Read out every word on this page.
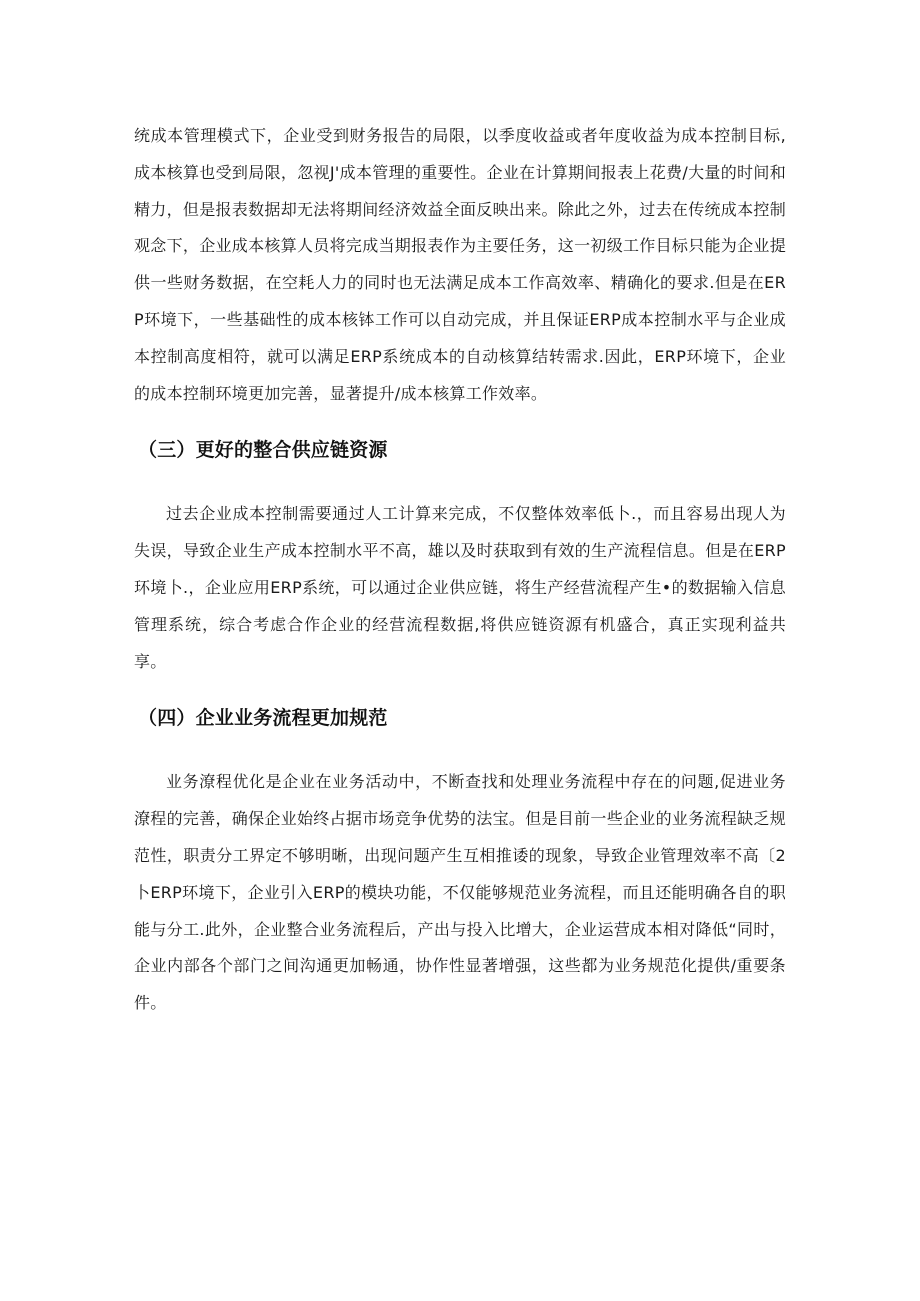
统成本管理模式下，企业受到财务报告的局限，以季度收益或者年度收益为成本控制目标,成本核算也受到局限，忽视J'成本管理的重要性。企业在计算期间报表上花费/大量的时间和精力，但是报表数据却无法将期间经济效益全面反映出来。除此之外，过去在传统成本控制观念下，企业成本核算人员将完成当期报表作为主要任务，这一初级工作目标只能为企业提供一些财务数据，在空耗人力的同时也无法满足成本工作高效率、精确化的要求.但是在ERP环境下，一些基础性的成本核钵工作可以自动完成，并且保证ERP成本控制水平与企业成本控制高度相符，就可以满足ERP系统成本的自动核算结转需求.因此，ERP环境下，企业的成本控制环境更加完善，显著提升/成本核算工作效率。

（三）更好的整合供应链资源

过去企业成本控制需要通过人工计算来完成，不仅整体效率低卜.，而且容易出现人为失误，导致企业生产成本控制水平不高，雄以及时获取到有效的生产流程信息。但是在ERP环境卜.，企业应用ERP系统，可以通过企业供应链，将生产经营流程产生•的数据输入信息管理系统，综合考虑合作企业的经营流程数据,将供应链资源有机盛合，真正实现利益共享。

（四）企业业务流程更加规范

业务潦程优化是企业在业务活动中，不断查找和处理业务流程中存在的问题,促进业务潦程的完善，确保企业始终占据市场竞争优势的法宝。但是目前一些企业的业务流程缺乏规范性，职责分工界定不够明晰，出现问题产生互相推诿的现象，导致企业管理效率不高〔2卜ERP环境下，企业引入ERP的模块功能，不仅能够规范业务流程，而且还能明确各自的职能与分工.此外，企业整合业务流程后，产出与投入比增大，企业运营成本相对降低“同时，企业内部各个部门之间沟通更加畅通，协作性显著增强，这些都为业务规范化提供/重要条件。
